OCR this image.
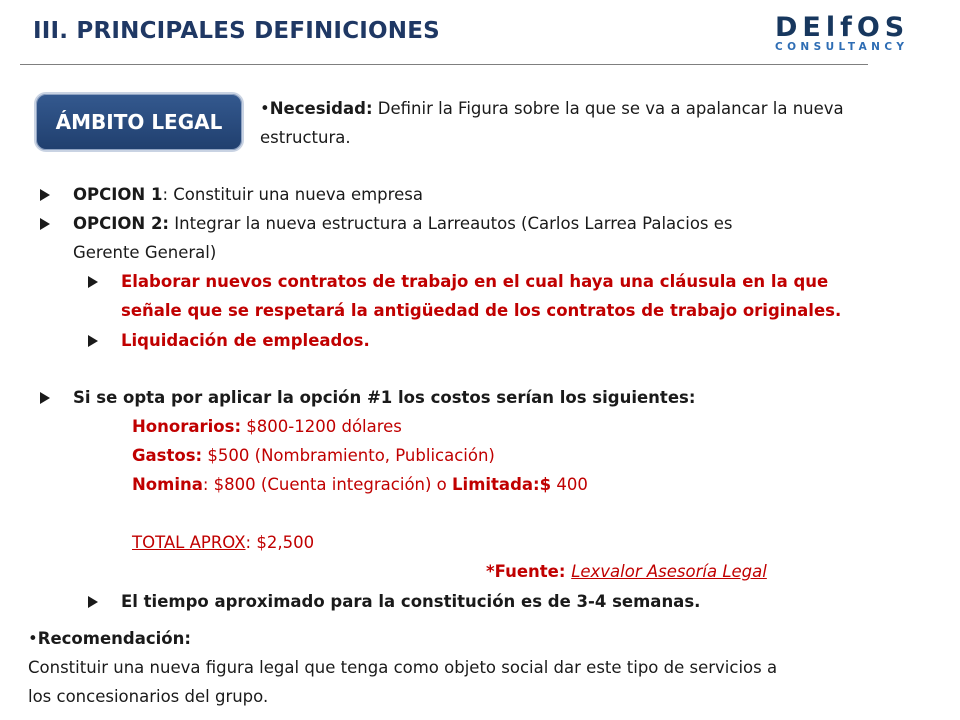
III. PRINCIPALES DEFINICIONES	DElfOS
CONSULTANCY
ÁMBITO LEGAL
•Necesidad: Definir la Figura sobre la que se va a apalancar la nueva
estructura.
OPCION 1: Constituir una nueva empresa
OPCION 2: Integrar la nueva estructura a Larreautos (Carlos Larrea Palacios es
Gerente General)
Elaborar nuevos contratos de trabajo en el cual haya una cláusula en la que
señale que se respetará la antigüedad de los contratos de trabajo originales.
Liquidación de empleados.
Si se opta por aplicar la opción #1 los costos serían los siguientes:
Honorarios: $800-1200 dólares
Gastos: $500 (Nombramiento, Publicación)
Nomina: $800 (Cuenta integración) o Limitada:$ 400
TOTAL APROX: $2,500
*Fuente: Lexvalor Asesoría Legal
El tiempo aproximado para la constitución es de 3-4 semanas.
•Recomendación:
Constituir una nueva figura legal que tenga como objeto social dar este tipo de servicios a
los concesionarios del grupo.
